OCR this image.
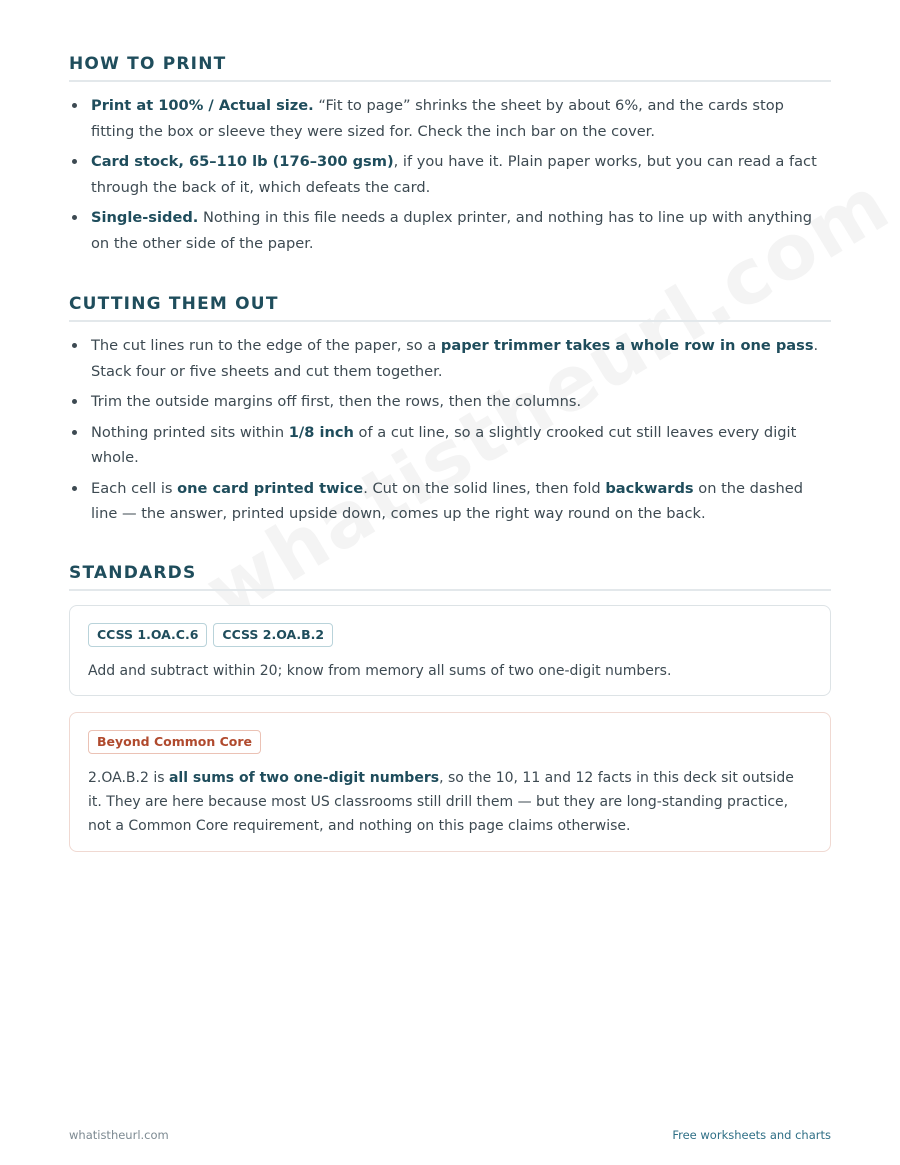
HOW TO PRINT
Print at 100% / Actual size. “Fit to page” shrinks the sheet by about 6%, and the cards stop fitting the box or sleeve they were sized for. Check the inch bar on the cover.
Card stock, 65–110 lb (176–300 gsm), if you have it. Plain paper works, but you can read a fact through the back of it, which defeats the card.
Single-sided. Nothing in this file needs a duplex printer, and nothing has to line up with anything on the other side of the paper.
CUTTING THEM OUT
The cut lines run to the edge of the paper, so a paper trimmer takes a whole row in one pass. Stack four or five sheets and cut them together.
Trim the outside margins off first, then the rows, then the columns.
Nothing printed sits within 1/8 inch of a cut line, so a slightly crooked cut still leaves every digit whole.
Each cell is one card printed twice. Cut on the solid lines, then fold backwards on the dashed line — the answer, printed upside down, comes up the right way round on the back.
STANDARDS
CCSS 1.OA.C.6	CCSS 2.OA.B.2

Add and subtract within 20; know from memory all sums of two one-digit numbers.

Beyond Common Core

2.OA.B.2 is all sums of two one-digit numbers, so the 10, 11 and 12 facts in this deck sit outside it. They are here because most US classrooms still drill them — but they are long-standing practice, not a Common Core requirement, and nothing on this page claims otherwise.

whatistheurl.com	Free worksheets and charts
